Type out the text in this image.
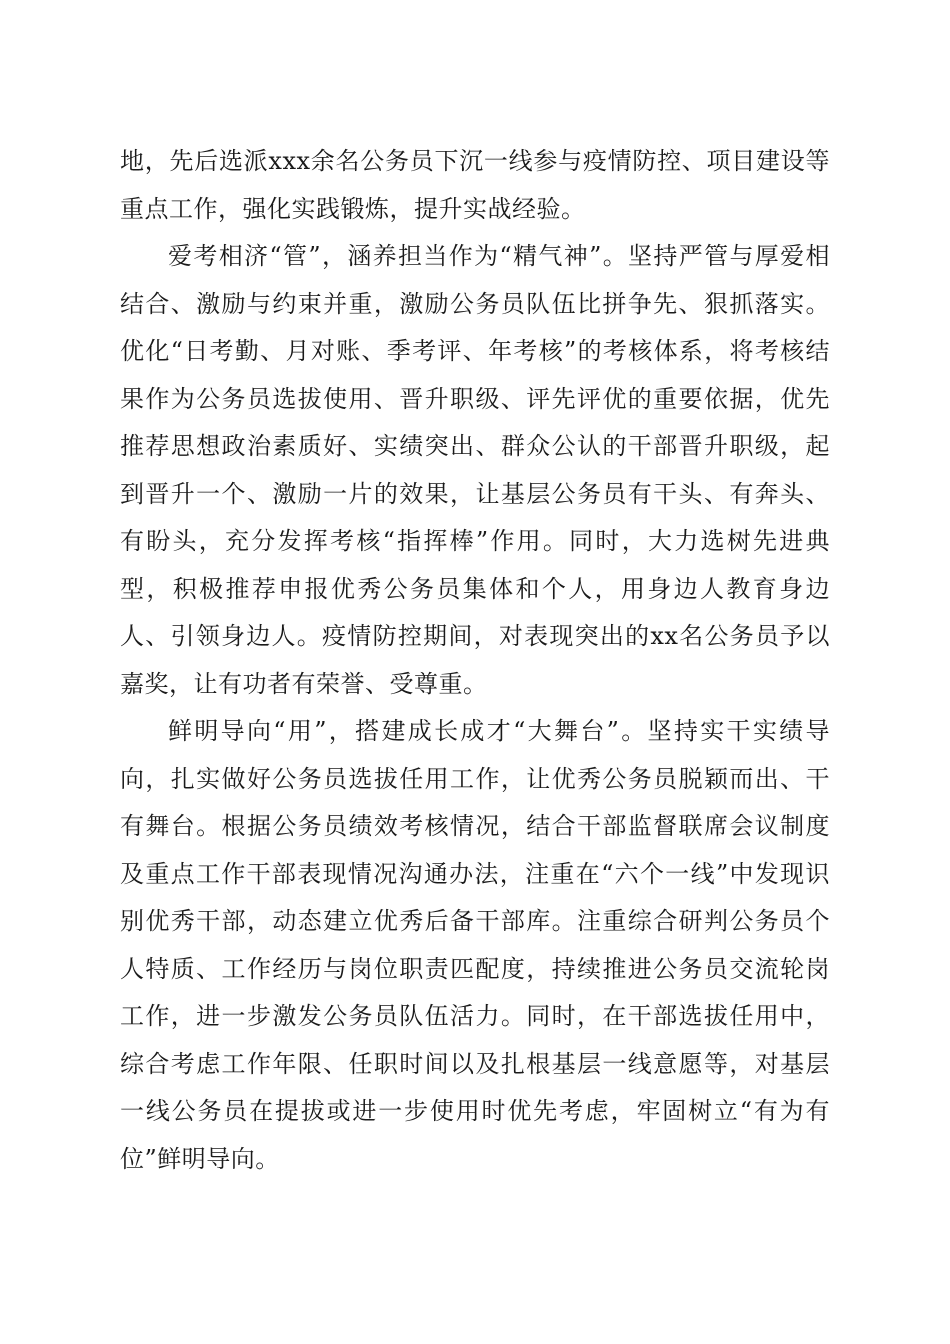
地，先后选派xxx余名公务员下沉一线参与疫情防控、项目建设等重点工作，强化实践锻炼，提升实战经验。

爱考相济“管”，涵养担当作为“精气神”。坚持严管与厚爱相结合、激励与约束并重，激励公务员队伍比拼争先、狠抓落实。优化“日考勤、月对账、季考评、年考核”的考核体系，将考核结果作为公务员选拔使用、晋升职级、评先评优的重要依据，优先推荐思想政治素质好、实绩突出、群众公认的干部晋升职级，起到晋升一个、激励一片的效果，让基层公务员有干头、有奔头、有盼头，充分发挥考核“指挥棒”作用。同时，大力选树先进典型，积极推荐申报优秀公务员集体和个人，用身边人教育身边人、引领身边人。疫情防控期间，对表现突出的xx名公务员予以嘉奖，让有功者有荣誉、受尊重。

鲜明导向“用”，搭建成长成才“大舞台”。坚持实干实绩导向，扎实做好公务员选拔任用工作，让优秀公务员脱颖而出、干有舞台。根据公务员绩效考核情况，结合干部监督联席会议制度及重点工作干部表现情况沟通办法，注重在“六个一线”中发现识别优秀干部，动态建立优秀后备干部库。注重综合研判公务员个人特质、工作经历与岗位职责匹配度，持续推进公务员交流轮岗工作，进一步激发公务员队伍活力。同时，在干部选拔任用中，综合考虑工作年限、任职时间以及扎根基层一线意愿等，对基层一线公务员在提拔或进一步使用时优先考虑，牢固树立“有为有位”鲜明导向。
